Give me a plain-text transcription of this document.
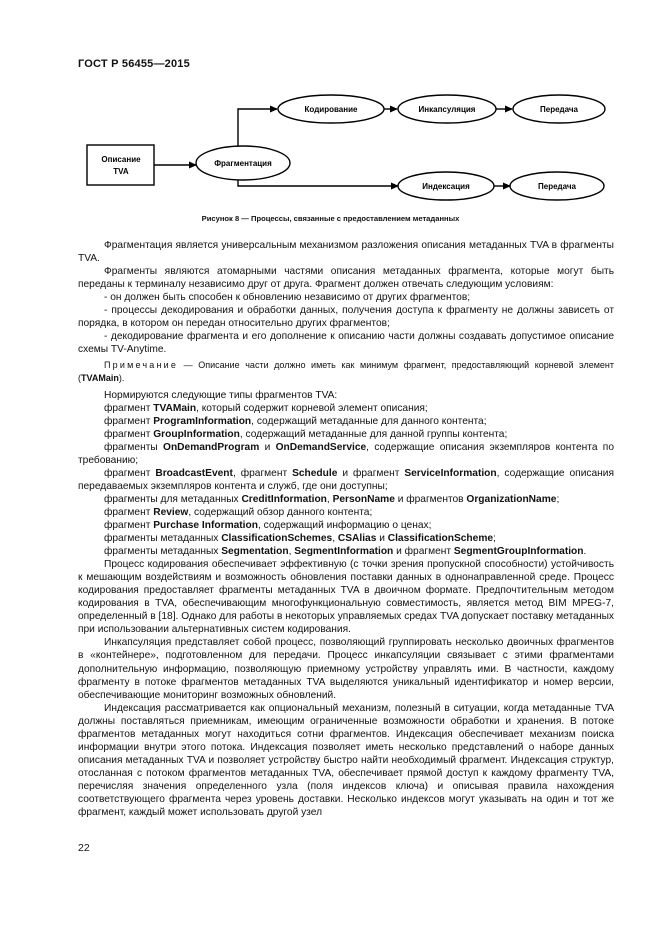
ГОСТ Р 56455—2015
Описание
TVA
Фрагментация
Кодирование	Инкапсуляция	Передача
Индексация	Передача
Рисунок 8 — Процессы, связанные с предоставлением метаданных

Фрагментация является универсальным механизмом разложения описания метаданных TVA в фрагменты TVA.

Фрагменты являются атомарными частями описания метаданных фрагмента, которые могут быть переданы к терминалу независимо друг от друга. Фрагмент должен отвечать следующим условиям:

- он должен быть способен к обновлению независимо от других фрагментов;

- процессы декодирования и обработки данных, получения доступа к фрагменту не должны зависеть от порядка, в котором он передан относительно других фрагментов;

- декодирование фрагмента и его дополнение к описанию части должны создавать допустимое описание схемы TV-Anytime.

Примечание — Описание части должно иметь как минимум фрагмент, предоставляющий корневой элемент (TVAMain).

Нормируются следующие типы фрагментов TVA:

фрагмент TVAMain, который содержит корневой элемент описания;

фрагмент ProgramInformation, содержащий метаданные для данного контента;

фрагмент GroupInformation, содержащий метаданные для данной группы контента;

фрагменты OnDemandProgram и OnDemandService, содержащие описания экземпляров контента по требованию;

фрагмент BroadcastEvent, фрагмент Schedule и фрагмент ServiceInformation, содержащие описания передаваемых экземпляров контента и служб, где они доступны;

фрагменты для метаданных CreditInformation, PersonName и фрагментов OrganizationName;

фрагмент Review, содержащий обзор данного контента;

фрагмент Purchase Information, содержащий информацию о ценах;

фрагменты метаданных ClassificationSchemes, CSAlias и ClassificationScheme;

фрагменты метаданных Segmentation, SegmentInformation и фрагмент SegmentGroupInformation.

Процесс кодирования обеспечивает эффективную (с точки зрения пропускной способности) устойчивость к мешающим воздействиям и возможность обновления поставки данных в однонаправленной среде. Процесс кодирования предоставляет фрагменты метаданных TVA в двоичном формате. Предпочтительным методом кодирования в TVA, обеспечивающим многофункциональную совместимость, является метод BIM MPEG-7, определенный в [18]. Однако для работы в некоторых управляемых средах TVA допускает поставку метаданных при использовании альтернативных систем кодирования.

Инкапсуляция представляет собой процесс, позволяющий группировать несколько двоичных фрагментов в «контейнере», подготовленном для передачи. Процесс инкапсуляции связывает с этими фрагментами дополнительную информацию, позволяющую приемному устройству управлять ими. В частности, каждому фрагменту в потоке фрагментов метаданных TVA выделяются уникальный идентификатор и номер версии, обеспечивающие мониторинг возможных обновлений.

Индексация рассматривается как опциональный механизм, полезный в ситуации, когда метаданные TVA должны поставляться приемникам, имеющим ограниченные возможности обработки и хранения. В потоке фрагментов метаданных могут находиться сотни фрагментов. Индексация обеспечивает механизм поиска информации внутри этого потока. Индексация позволяет иметь несколько представлений о наборе данных описания метаданных TVA и позволяет устройству быстро найти необходимый фрагмент. Индексация структур, отосланная с потоком фрагментов метаданных TVA, обеспечивает прямой доступ к каждому фрагменту TVA, перечисляя значения определенного узла (поля индексов ключа) и описывая правила нахождения соответствующего фрагмента через уровень доставки. Несколько индексов могут указывать на один и тот же фрагмент, каждый может использовать другой узел

22
